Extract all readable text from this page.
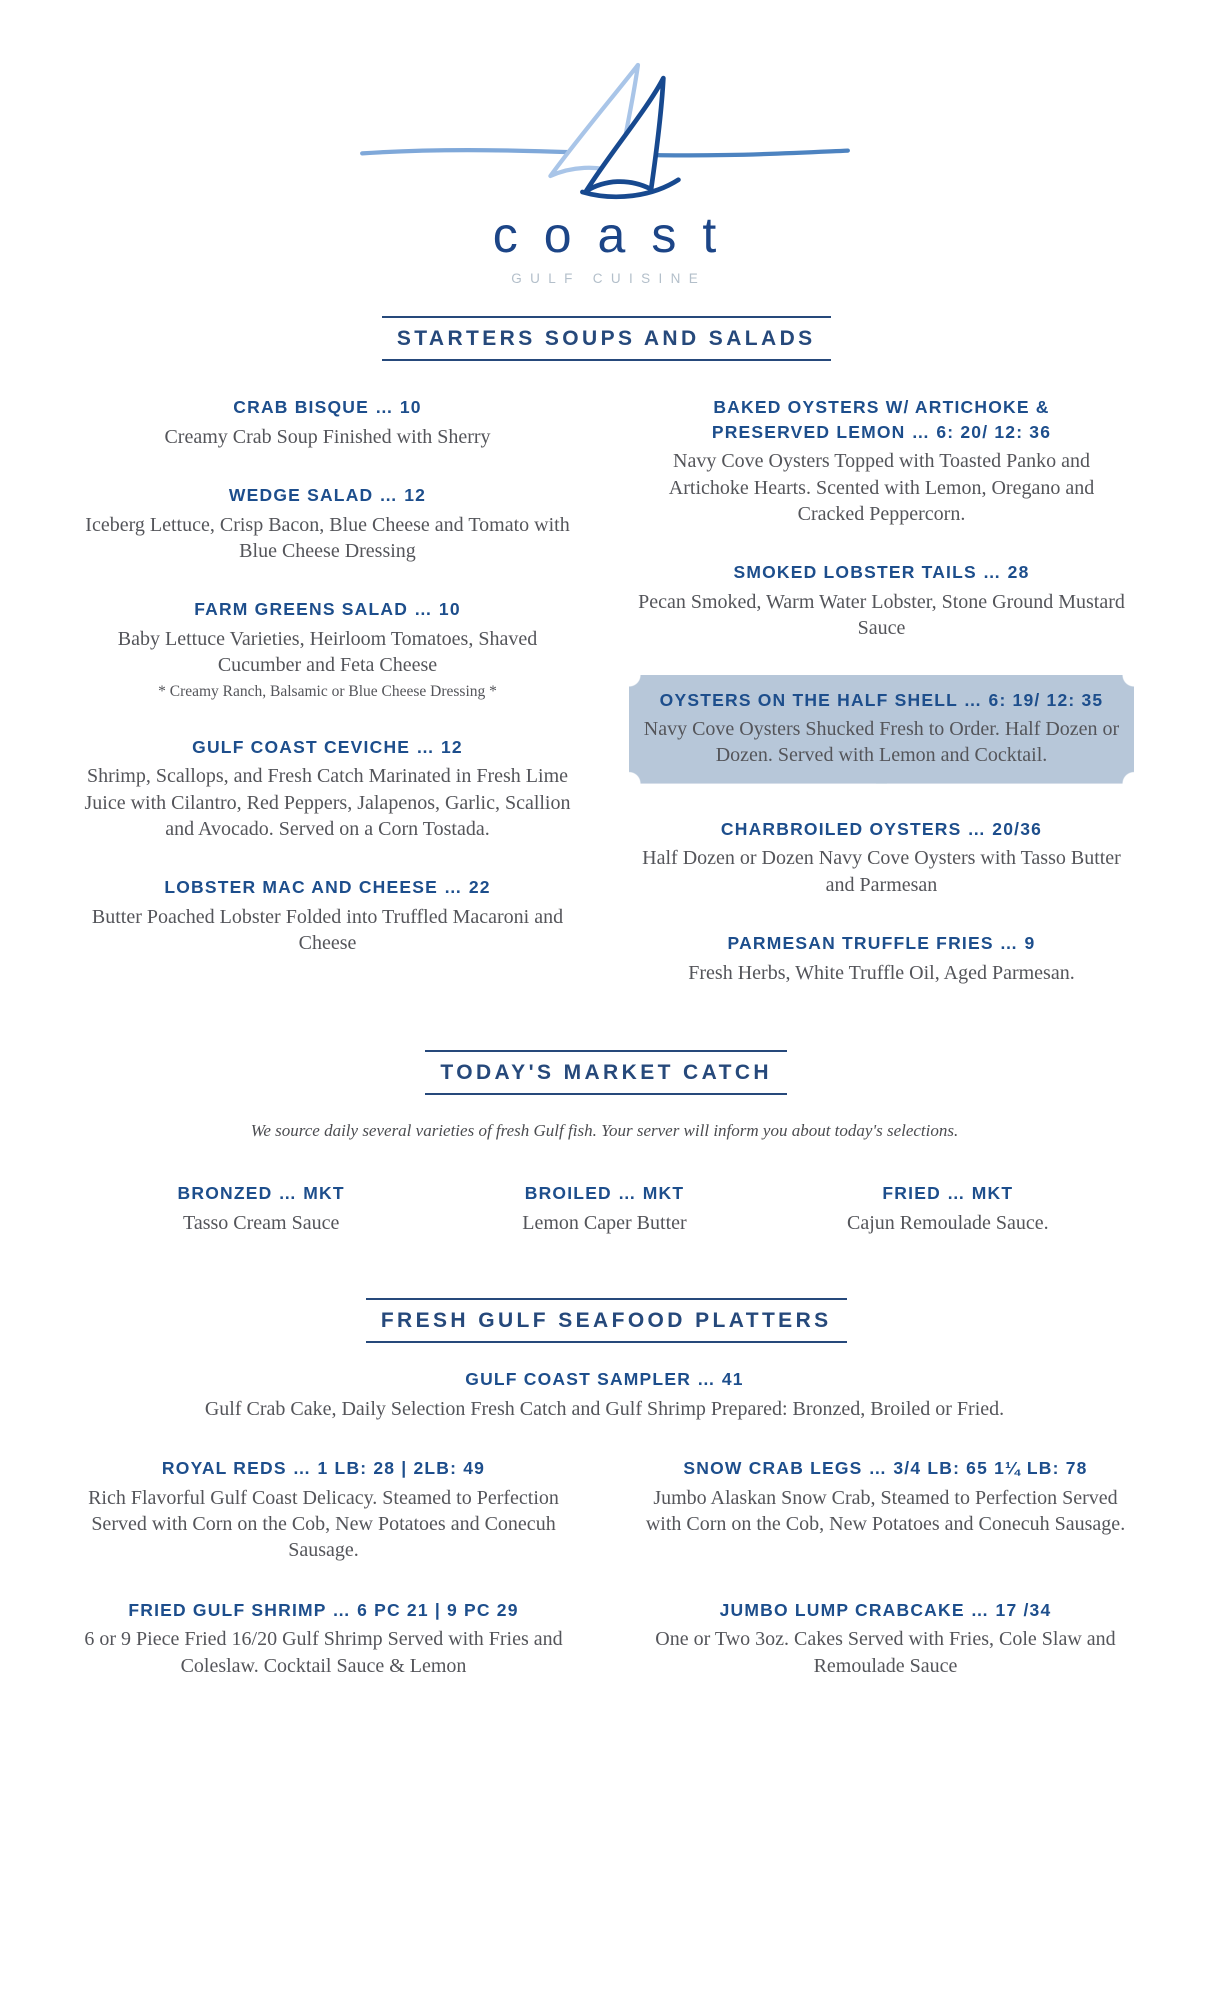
coast
GULF CUISINE
STARTERS SOUPS AND SALADS
CRAB BISQUE … 10
Creamy Crab Soup Finished with Sherry
WEDGE SALAD … 12
Iceberg Lettuce, Crisp Bacon, Blue Cheese and Tomato with Blue Cheese Dressing
FARM GREENS SALAD … 10
Baby Lettuce Varieties, Heirloom Tomatoes, Shaved Cucumber and Feta Cheese
* Creamy Ranch, Balsamic or Blue Cheese Dressing *
GULF COAST CEVICHE … 12
Shrimp, Scallops, and Fresh Catch Marinated in Fresh Lime Juice with Cilantro, Red Peppers, Jalapenos, Garlic, Scallion and Avocado. Served on a Corn Tostada.
LOBSTER MAC AND CHEESE … 22
Butter Poached Lobster Folded into Truffled Macaroni and Cheese
BAKED OYSTERS W/ ARTICHOKE & PRESERVED LEMON … 6: 20/ 12: 36
Navy Cove Oysters Topped with Toasted Panko and Artichoke Hearts. Scented with Lemon, Oregano and Cracked Peppercorn.
SMOKED LOBSTER TAILS … 28
Pecan Smoked, Warm Water Lobster, Stone Ground Mustard Sauce
OYSTERS ON THE HALF SHELL … 6: 19/ 12: 35
Navy Cove Oysters Shucked Fresh to Order. Half Dozen or Dozen. Served with Lemon and Cocktail.
CHARBROILED OYSTERS … 20/36
Half Dozen or Dozen Navy Cove Oysters with Tasso Butter and Parmesan
PARMESAN TRUFFLE FRIES … 9
Fresh Herbs, White Truffle Oil, Aged Parmesan.
TODAY'S MARKET CATCH
We source daily several varieties of fresh Gulf fish. Your server will inform you about today's selections.
BRONZED … MKT
Tasso Cream Sauce
BROILED … MKT
Lemon Caper Butter
FRIED … MKT
Cajun Remoulade Sauce.
FRESH GULF SEAFOOD PLATTERS
GULF COAST SAMPLER … 41
Gulf Crab Cake, Daily Selection Fresh Catch and Gulf Shrimp Prepared: Bronzed, Broiled or Fried.
ROYAL REDS … 1 LB: 28 | 2LB: 49
Rich Flavorful Gulf Coast Delicacy. Steamed to Perfection Served with Corn on the Cob, New Potatoes and Conecuh Sausage.
SNOW CRAB LEGS … 3/4 LB: 65 1¼ LB: 78
Jumbo Alaskan Snow Crab, Steamed to Perfection Served with Corn on the Cob, New Potatoes and Conecuh Sausage.
FRIED GULF SHRIMP … 6 PC 21 | 9 PC 29
6 or 9 Piece Fried 16/20 Gulf Shrimp Served with Fries and Coleslaw. Cocktail Sauce & Lemon
JUMBO LUMP CRABCAKE … 17 /34
One or Two 3oz. Cakes Served with Fries, Cole Slaw and Remoulade Sauce
